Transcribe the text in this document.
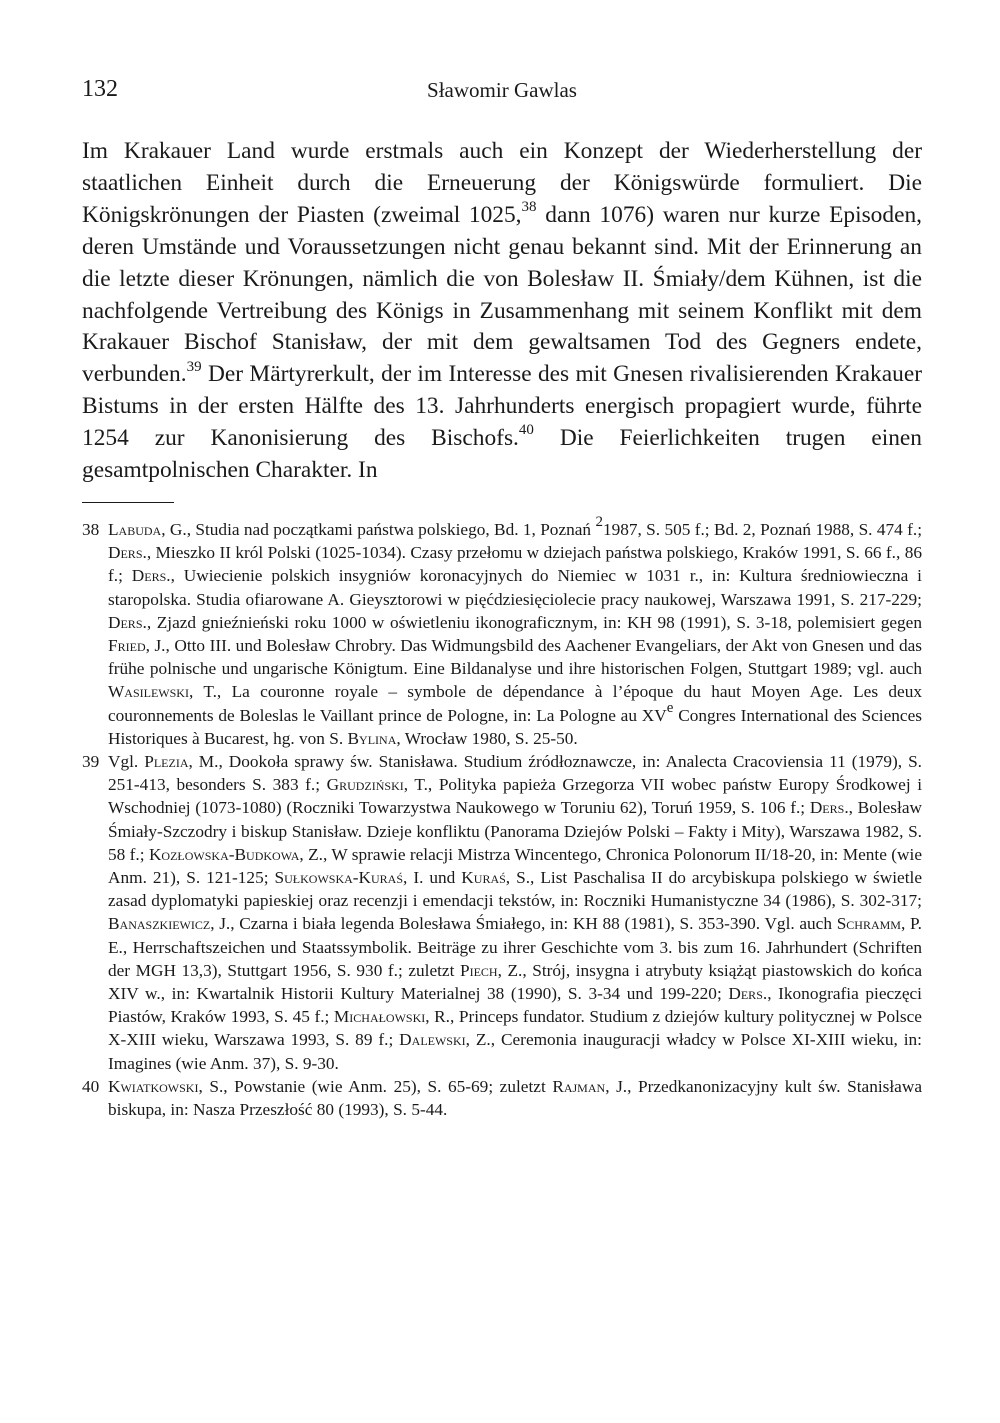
132	Sławomir Gawlas

Im Krakauer Land wurde erstmals auch ein Konzept der Wiederherstellung der staatlichen Einheit durch die Erneuerung der Königswürde formuliert. Die Königskrönungen der Piasten (zweimal 1025,38 dann 1076) waren nur kurze Episoden, deren Umstände und Voraussetzungen nicht genau bekannt sind. Mit der Erinnerung an die letzte dieser Krönungen, nämlich die von Bolesław II. Śmiały/dem Kühnen, ist die nachfolgende Vertreibung des Königs in Zusammenhang mit seinem Konflikt mit dem Krakauer Bischof Stanisław, der mit dem gewaltsamen Tod des Gegners endete, verbunden.$^{39}$ Der Märtyrerkult, der im Interesse des mit Gnesen rivalisierenden Krakauer Bistums in der ersten Hälfte des 13. Jahrhunderts energisch propagiert wurde, führte 1254 zur Kanonisierung des Bischofs.$^{40}$ Die Feierlichkeiten trugen einen gesamtpolnischen Charakter. In

38 Labuda, G., Studia nad początkami państwa polskiego, Bd. 1, Poznań $^2$1987, S. 505 f.; Bd. 2, Poznań 1988, S. 474 f.; Ders., Mieszko II król Polski (1025-1034). Czasy przełomu w dziejach państwa polskiego, Kraków 1991, S. 66 f., 86 f.; Ders., Uwiecienie polskich insygniów koronacyjnych do Niemiec w 1031 r., in: Kultura średniowieczna i staropolska. Studia ofiarowane A. Gieysztorowi w pięćdziesięciolecie pracy naukowej, Warszawa 1991, S. 217-229; Ders., Zjazd gnieźnieński roku 1000 w oświetleniu ikonograficznym, in: KH 98 (1991), S. 3-18, polemisiert gegen Fried, J., Otto III. und Bolesław Chrobry. Das Widmungsbild des Aachener Evangeliars, der Akt von Gnesen und das frühe polnische und ungarische Königtum. Eine Bildanalyse und ihre historischen Folgen, Stuttgart 1989; vgl. auch Wasilewski, T., La couronne royale – symbole de dépendance à l’époque du haut Moyen Age. Les deux couronnements de Boleslas le Vaillant prince de Pologne, in: La Pologne au XVe Congres International des Sciences Historiques à Bucarest, hg. von S. Bylina, Wrocław 1980, S. 25-50.

39 Vgl. Plezia, M., Dookoła sprawy św. Stanisława. Studium źródłoznawcze, in: Analecta Cracoviensia 11 (1979), S. 251-413, besonders S. 383 f.; Grudziński, T., Polityka papieża Grzegorza VII wobec państw Europy Środkowej i Wschodniej (1073-1080) (Roczniki Towarzystwa Naukowego w Toruniu 62), Toruń 1959, S. 106 f.; Ders., Bolesław Śmiały-Szczodry i biskup Stanisław. Dzieje konfliktu (Panorama Dziejów Polski – Fakty i Mity), Warszawa 1982, S. 58 f.; Kozłowska-Budkowa, Z., W sprawie relacji Mistrza Wincentego, Chronica Polonorum II/18-20, in: Mente (wie Anm. 21), S. 121-125; Sułkowska-Kuraś, I. und Kuraś, S., List Paschalisa II do arcybiskupa polskiego w świetle zasad dyplomatyki papieskiej oraz recenzji i emendacji tekstów, in: Roczniki Humanistyczne 34 (1986), S. 302-317; Banaszkiewicz, J., Czarna i biała legenda Bolesława Śmiałego, in: KH 88 (1981), S. 353-390. Vgl. auch Schramm, P. E., Herrschaftszeichen und Staatssymbolik. Beiträge zu ihrer Geschichte vom 3. bis zum 16. Jahrhundert (Schriften der MGH 13,3), Stuttgart 1956, S. 930 f.; zuletzt Piech, Z., Strój, insygna i atrybuty książąt piastowskich do końca XIV w., in: Kwartalnik Historii Kultury Materialnej 38 (1990), S. 3-34 und 199-220; Ders., Ikonografia pieczęci Piastów, Kraków 1993, S. 45 f.; Michałowski, R., Princeps fundator. Studium z dziejów kultury politycznej w Polsce X-XIII wieku, Warszawa 1993, S. 89 f.; Dalewski, Z., Ceremonia inauguracji władcy w Polsce XI-XIII wieku, in: Imagines (wie Anm. 37), S. 9-30.

40 Kwiatkowski, S., Powstanie (wie Anm. 25), S. 65-69; zuletzt Rajman, J., Przedkanonizacyjny kult św. Stanisława biskupa, in: Nasza Przeszłość 80 (1993), S. 5-44.
